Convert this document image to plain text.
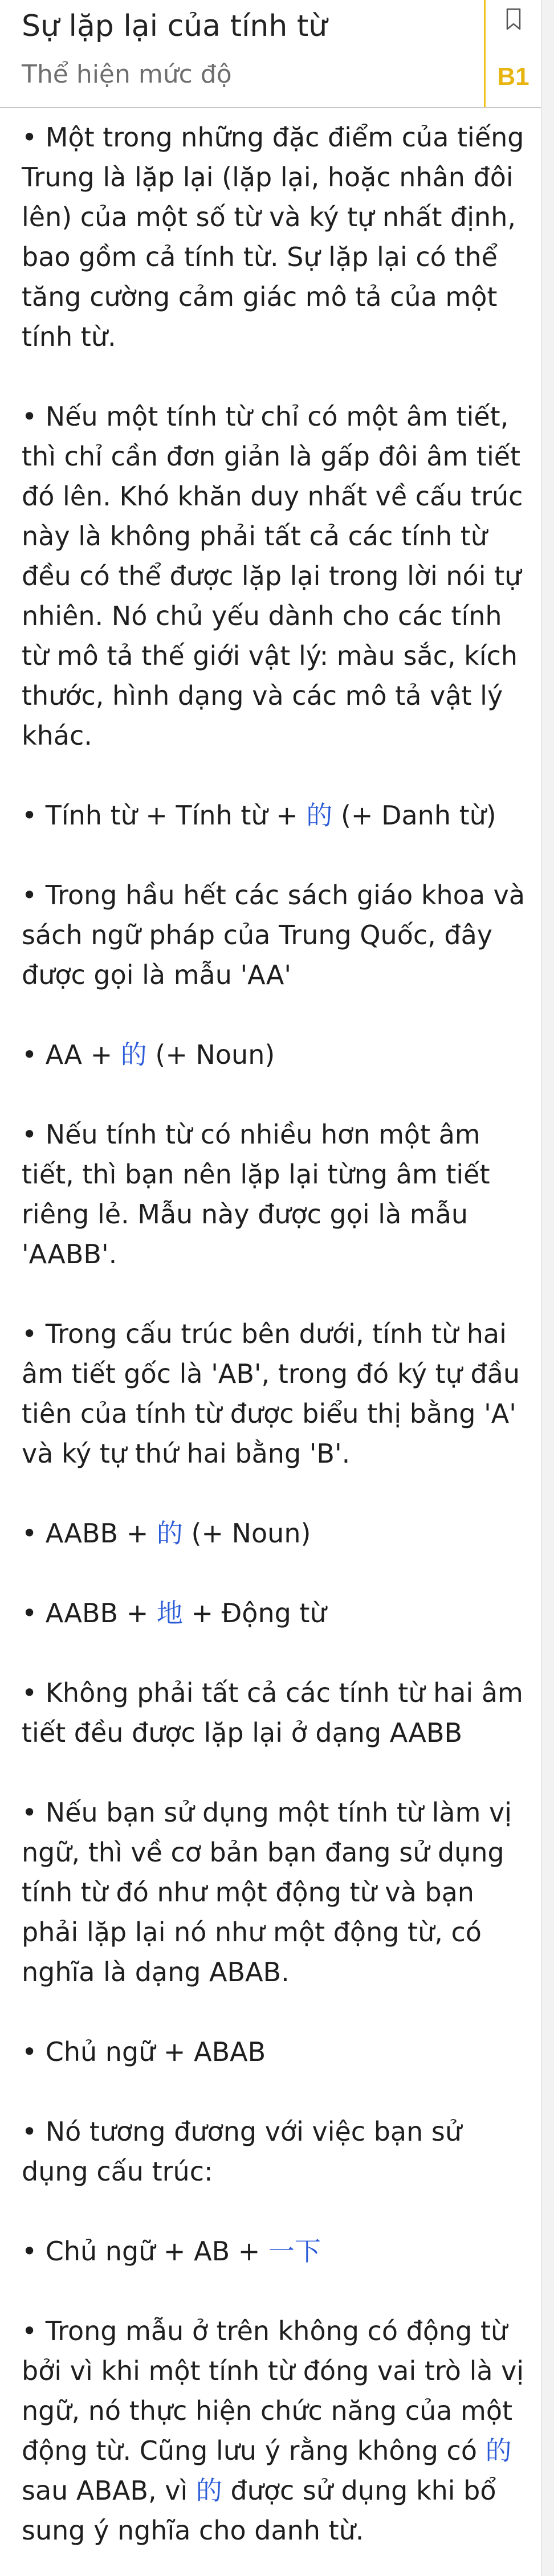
Sự lặp lại của tính từ
Thể hiện mức độ	B1

• Một trong những đặc điểm của tiếng Trung là lặp lại (lặp lại, hoặc nhân đôi lên) của một số từ và ký tự nhất định, bao gồm cả tính từ. Sự lặp lại có thể tăng cường cảm giác mô tả của một tính từ.

• Nếu một tính từ chỉ có một âm tiết, thì chỉ cần đơn giản là gấp đôi âm tiết đó lên. Khó khăn duy nhất về cấu trúc này là không phải tất cả các tính từ đều có thể được lặp lại trong lời nói tự nhiên. Nó chủ yếu dành cho các tính từ mô tả thế giới vật lý: màu sắc, kích thước, hình dạng và các mô tả vật lý khác.

• Tính từ + Tính từ + 的 (+ Danh từ)

• Trong hầu hết các sách giáo khoa và sách ngữ pháp của Trung Quốc, đây được gọi là mẫu 'AA'

• AA + 的 (+ Noun)

• Nếu tính từ có nhiều hơn một âm tiết, thì bạn nên lặp lại từng âm tiết riêng lẻ. Mẫu này được gọi là mẫu 'AABB'.

• Trong cấu trúc bên dưới, tính từ hai âm tiết gốc là 'AB', trong đó ký tự đầu tiên của tính từ được biểu thị bằng 'A' và ký tự thứ hai bằng 'B'.

• AABB + 的 (+ Noun)

• AABB + 地 + Động từ

• Không phải tất cả các tính từ hai âm tiết đều được lặp lại ở dạng AABB

• Nếu bạn sử dụng một tính từ làm vị ngữ, thì về cơ bản bạn đang sử dụng tính từ đó như một động từ và bạn phải lặp lại nó như một động từ, có nghĩa là dạng ABAB.

• Chủ ngữ + ABAB

• Nó tương đương với việc bạn sử dụng cấu trúc:

• Chủ ngữ + AB + 一下

• Trong mẫu ở trên không có động từ bởi vì khi một tính từ đóng vai trò là vị ngữ, nó thực hiện chức năng của một động từ. Cũng lưu ý rằng không có 的 sau ABAB, vì 的 được sử dụng khi bổ sung ý nghĩa cho danh từ.
